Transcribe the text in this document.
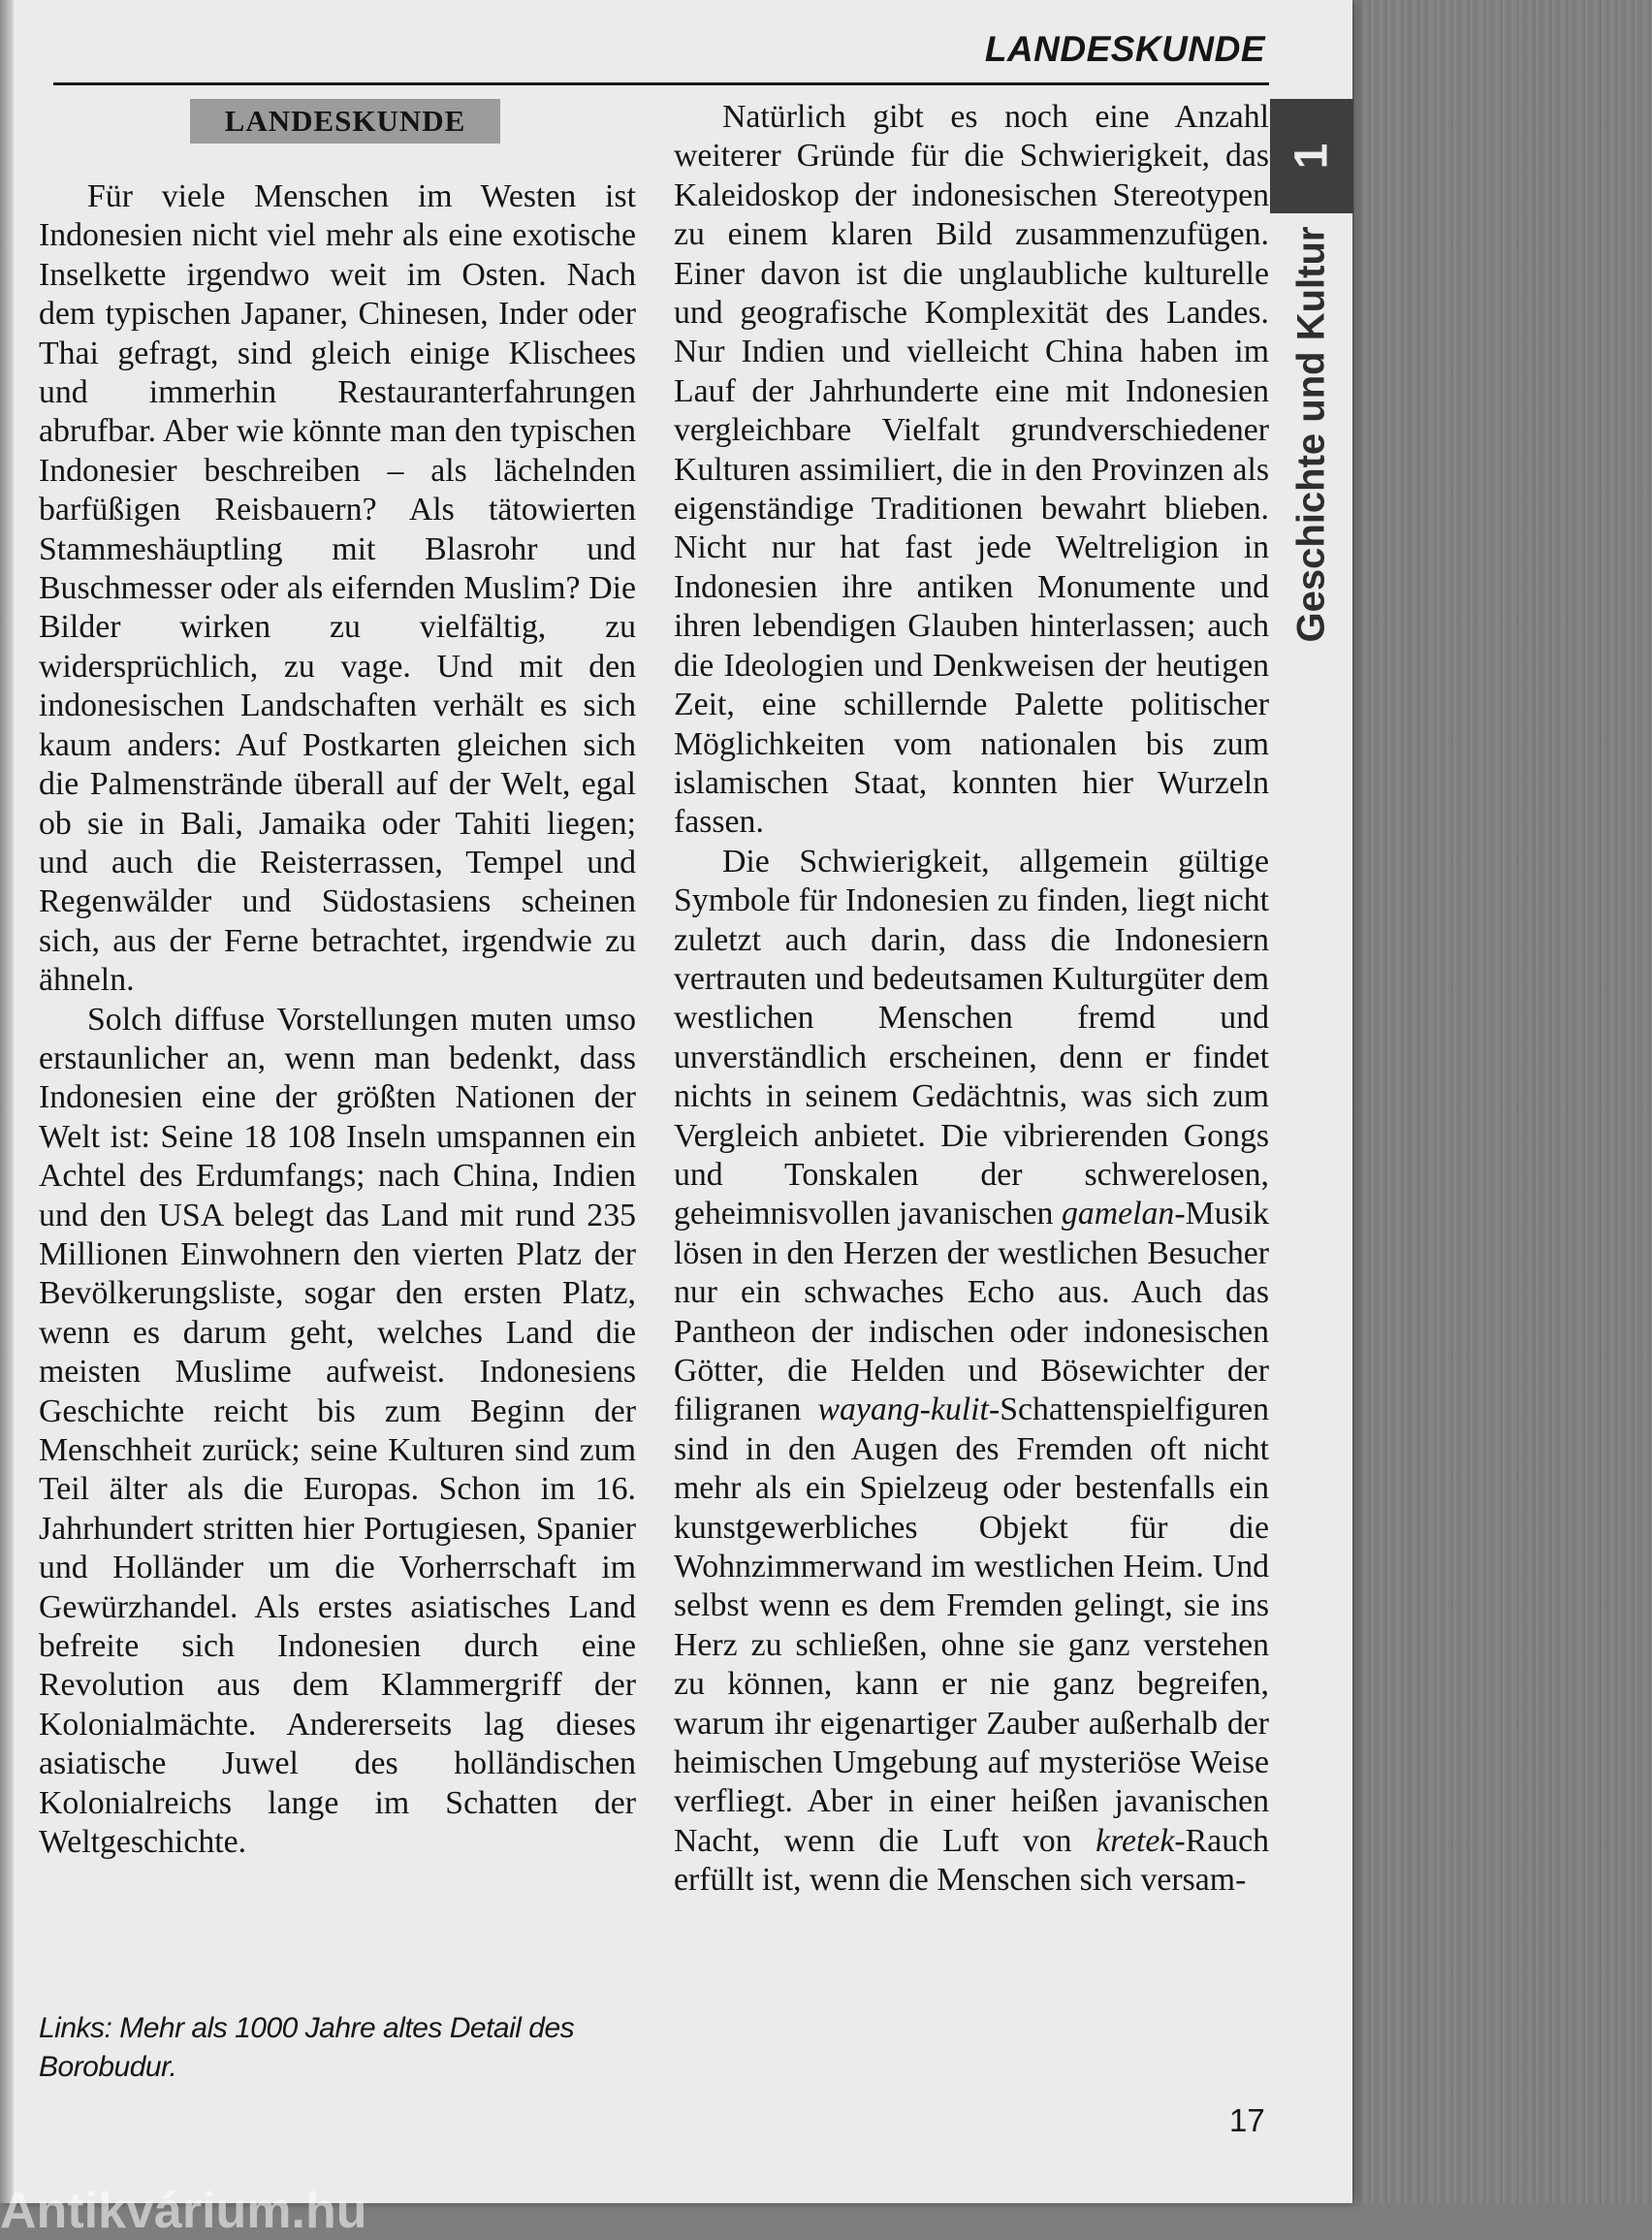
LANDESKUNDE
LANDESKUNDE

Für viele Menschen im Westen ist Indonesien nicht viel mehr als eine exotische Inselkette irgendwo weit im Osten. Nach dem typischen Japaner, Chinesen, Inder oder Thai gefragt, sind gleich einige Klischees und immerhin Restauranterfahrungen abrufbar. Aber wie könnte man den typischen Indonesier beschreiben – als lächelnden barfüßigen Reisbauern? Als tätowierten Stammeshäuptling mit Blasrohr und Buschmesser oder als eifernden Muslim? Die Bilder wirken zu vielfältig, zu widersprüchlich, zu vage. Und mit den indonesischen Landschaften verhält es sich kaum anders: Auf Postkarten gleichen sich die Palmenstrände überall auf der Welt, egal ob sie in Bali, Jamaika oder Tahiti liegen; und auch die Reisterrassen, Tempel und Regenwälder und Südostasiens scheinen sich, aus der Ferne betrachtet, irgendwie zu ähneln.

Solch diffuse Vorstellungen muten umso erstaunlicher an, wenn man bedenkt, dass Indonesien eine der größten Nationen der Welt ist: Seine 18 108 Inseln umspannen ein Achtel des Erdumfangs; nach China, Indien und den USA belegt das Land mit rund 235 Millionen Einwohnern den vierten Platz der Bevölkerungsliste, sogar den ersten Platz, wenn es darum geht, welches Land die meisten Muslime aufweist. Indonesiens Geschichte reicht bis zum Beginn der Menschheit zurück; seine Kulturen sind zum Teil älter als die Europas. Schon im 16. Jahrhundert stritten hier Portugiesen, Spanier und Holländer um die Vorherrschaft im Gewürzhandel. Als erstes asiatisches Land befreite sich Indonesien durch eine Revolution aus dem Klammergriff der Kolonialmächte. Andererseits lag dieses asiatische Juwel des holländischen Kolonialreichs lange im Schatten der Weltgeschichte.

Links: Mehr als 1000 Jahre altes Detail des Borobudur.

Natürlich gibt es noch eine Anzahl weiterer Gründe für die Schwierigkeit, das Kaleidoskop der indonesischen Stereotypen zu einem klaren Bild zusammenzufügen. Einer davon ist die unglaubliche kulturelle und geografische Komplexität des Landes. Nur Indien und vielleicht China haben im Lauf der Jahrhunderte eine mit Indonesien vergleichbare Vielfalt grundverschiedener Kulturen assimiliert, die in den Provinzen als eigenständige Traditionen bewahrt blieben. Nicht nur hat fast jede Weltreligion in Indonesien ihre antiken Monumente und ihren lebendigen Glauben hinterlassen; auch die Ideologien und Denkweisen der heutigen Zeit, eine schillernde Palette politischer Möglichkeiten vom nationalen bis zum islamischen Staat, konnten hier Wurzeln fassen.

Die Schwierigkeit, allgemein gültige Symbole für Indonesien zu finden, liegt nicht zuletzt auch darin, dass die Indonesiern vertrauten und bedeutsamen Kulturgüter dem westlichen Menschen fremd und unverständlich erscheinen, denn er findet nichts in seinem Gedächtnis, was sich zum Vergleich anbietet. Die vibrierenden Gongs und Tonskalen der schwerelosen, geheimnisvollen javanischen gamelan-Musik lösen in den Herzen der westlichen Besucher nur ein schwaches Echo aus. Auch das Pantheon der indischen oder indonesischen Götter, die Helden und Bösewichter der filigranen wayang-kulit-Schattenspielfiguren sind in den Augen des Fremden oft nicht mehr als ein Spielzeug oder bestenfalls ein kunstgewerbliches Objekt für die Wohnzimmerwand im westlichen Heim. Und selbst wenn es dem Fremden gelingt, sie ins Herz zu schließen, ohne sie ganz verstehen zu können, kann er nie ganz begreifen, warum ihr eigenartiger Zauber außerhalb der heimischen Umgebung auf mysteriöse Weise verfliegt. Aber in einer heißen javanischen Nacht, wenn die Luft von kretek-Rauch erfüllt ist, wenn die Menschen sich versam-

1
Geschichte und Kultur
17
Antikvárium.hu
